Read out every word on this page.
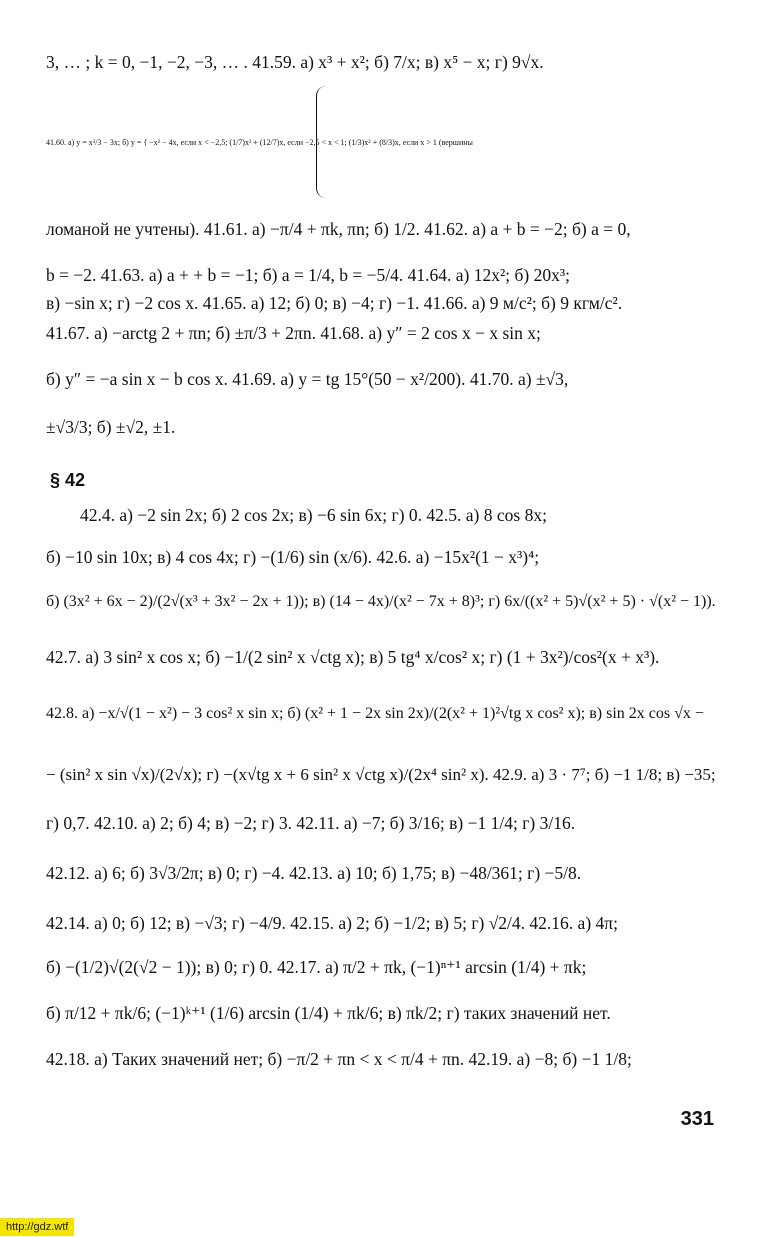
3, … ; k = 0, −1, −2, −3, … . 41.59. а) x³ + x²; б) 7/x; в) x⁵ − x; г) 9√x.
41.60. а) y = x³/3 − 3x; б) y = { −x² − 4x, если x < −2,5; (1/7)x² + (12/7)x, если −2,5 < x < 1; (1/3)x² + (8/3)x, если x > 1 (вершины
ломаной не учтены). 41.61. а) −π/4 + πk, πn; б) 1/2. 41.62. а) a + b = −2; б) a = 0,
b = −2. 41.63. а) a + + b = −1; б) a = 1/4, b = −5/4. 41.64. а) 12x²; б) 20x³;
в) −sin x; г) −2 cos x. 41.65. а) 12; б) 0; в) −4; г) −1. 41.66. а) 9 м/с²; б) 9 кгм/с².
41.67. а) −arctg 2 + πn; б) ±π/3 + 2πn. 41.68. а) y″ = 2 cos x − x sin x;
б) y″ = −a sin x − b cos x. 41.69. а) y = tg 15°(50 − x²/200). 41.70. а) ±√3,
±√3/3; б) ±√2, ±1.
§ 42
42.4. а) −2 sin 2x; б) 2 cos 2x; в) −6 sin 6x; г) 0. 42.5. а) 8 cos 8x;
б) −10 sin 10x; в) 4 cos 4x; г) −(1/6) sin (x/6). 42.6. а) −15x²(1 − x³)⁴;
б) (3x² + 6x − 2)/(2√(x³ + 3x² − 2x + 1)); в) (14 − 4x)/(x² − 7x + 8)³; г) 6x/((x² + 5)√(x² + 5) · √(x² − 1)).
42.7. а) 3 sin² x cos x; б) −1/(2 sin² x √ctg x); в) 5 tg⁴ x/cos² x; г) (1 + 3x²)/cos²(x + x³).
42.8. а) −x/√(1 − x²) − 3 cos² x sin x; б) (x² + 1 − 2x sin 2x)/(2(x² + 1)²√tg x cos² x); в) sin 2x cos √x −
− (sin² x sin √x)/(2√x); г) −(x√tg x + 6 sin² x √ctg x)/(2x⁴ sin² x). 42.9. а) 3 · 7⁷; б) −1 1/8; в) −35;
г) 0,7. 42.10. а) 2; б) 4; в) −2; г) 3. 42.11. а) −7; б) 3/16; в) −1 1/4; г) 3/16.
42.12. а) 6; б) 3√3/2π; в) 0; г) −4. 42.13. а) 10; б) 1,75; в) −48/361; г) −5/8.
42.14. а) 0; б) 12; в) −√3; г) −4/9. 42.15. а) 2; б) −1/2; в) 5; г) √2/4. 42.16. а) 4π;
б) −(1/2)√(2(√2 − 1)); в) 0; г) 0. 42.17. а) π/2 + πk, (−1)ⁿ⁺¹ arcsin (1/4) + πk;
б) π/12 + πk/6; (−1)ᵏ⁺¹ (1/6) arcsin (1/4) + πk/6; в) πk/2; г) таких значений нет.
42.18. а) Таких значений нет; б) −π/2 + πn < x < π/4 + πn. 42.19. а) −8; б) −1 1/8;
331
http://gdz.wtf
